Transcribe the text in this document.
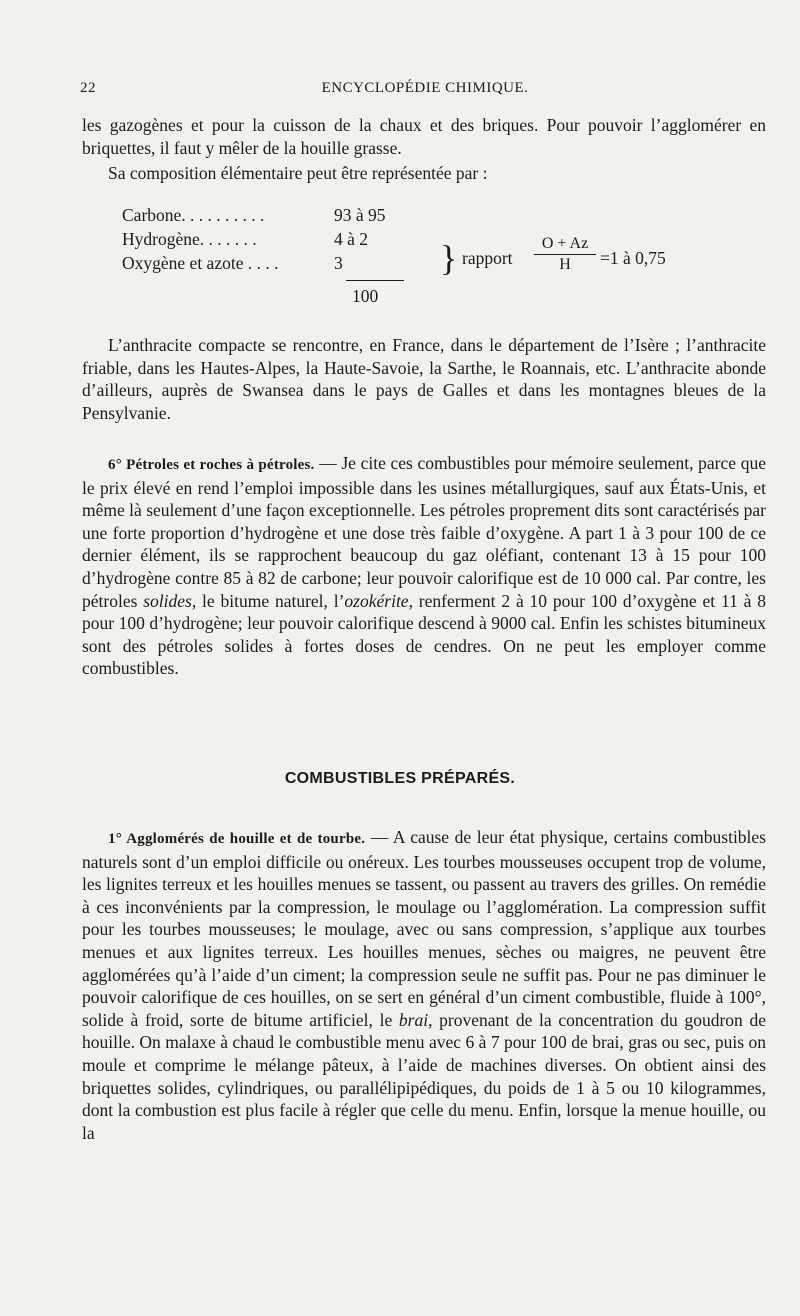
22	ENCYCLOPÉDIE CHIMIQUE.

les gazogènes et pour la cuisson de la chaux et des briques. Pour pouvoir l’agglomérer en briquettes, il faut y mêler de la houille grasse.

Sa composition élémentaire peut être représentée par :

Carbone. . . . . . . . . .	93 à 95
Hydrogène. . . . . . .	4 à 2
Oxygène et azote . . . .	3	} rapport $\frac{O + Az}{H} =1$ à 0,75
100

L’anthracite compacte se rencontre, en France, dans le département de l’Isère ; l’anthracite friable, dans les Hautes-Alpes, la Haute-Savoie, la Sarthe, le Roannais, etc. L’anthracite abonde d’ailleurs, auprès de Swansea dans le pays de Galles et dans les montagnes bleues de la Pensylvanie.

6° Pétroles et roches à pétroles. — Je cite ces combustibles pour mémoire seulement, parce que le prix élevé en rend l’emploi impossible dans les usines métallurgiques, sauf aux États-Unis, et même là seulement d’une façon exceptionnelle. Les pétroles proprement dits sont caractérisés par une forte proportion d’hydrogène et une dose très faible d’oxygène. A part 1 à 3 pour 100 de ce dernier élément, ils se rapprochent beaucoup du gaz oléfiant, contenant 13 à 15 pour 100 d’hydrogène contre 85 à 82 de carbone; leur pouvoir calorifique est de 10 000 cal. Par contre, les pétroles solides, le bitume naturel, l’ozokérite, renferment 2 à 10 pour 100 d’oxygène et 11 à 8 pour 100 d’hydrogène; leur pouvoir calorifique descend à 9000 cal. Enfin les schistes bitumineux sont des pétroles solides à fortes doses de cendres. On ne peut les employer comme combustibles.

COMBUSTIBLES PRÉPARÉS.

1° Agglomérés de houille et de tourbe. — A cause de leur état physique, certains combustibles naturels sont d’un emploi difficile ou onéreux. Les tourbes mousseuses occupent trop de volume, les lignites terreux et les houilles menues se tassent, ou passent au travers des grilles. On remédie à ces inconvénients par la compression, le moulage ou l’agglomération. La compression suffit pour les tourbes mousseuses; le moulage, avec ou sans compression, s’applique aux tourbes menues et aux lignites terreux. Les houilles menues, sèches ou maigres, ne peuvent être agglomérées qu’à l’aide d’un ciment; la compression seule ne suffit pas. Pour ne pas diminuer le pouvoir calorifique de ces houilles, on se sert en général d’un ciment combustible, fluide à 100°, solide à froid, sorte de bitume artificiel, le brai, provenant de la concentration du goudron de houille. On malaxe à chaud le combustible menu avec 6 à 7 pour 100 de brai, gras ou sec, puis on moule et comprime le mélange pâteux, à l’aide de machines diverses. On obtient ainsi des briquettes solides, cylindriques, ou parallélipipédiques, du poids de 1 à 5 ou 10 kilogrammes, dont la combustion est plus facile à régler que celle du menu. Enfin, lorsque la menue houille, ou la
